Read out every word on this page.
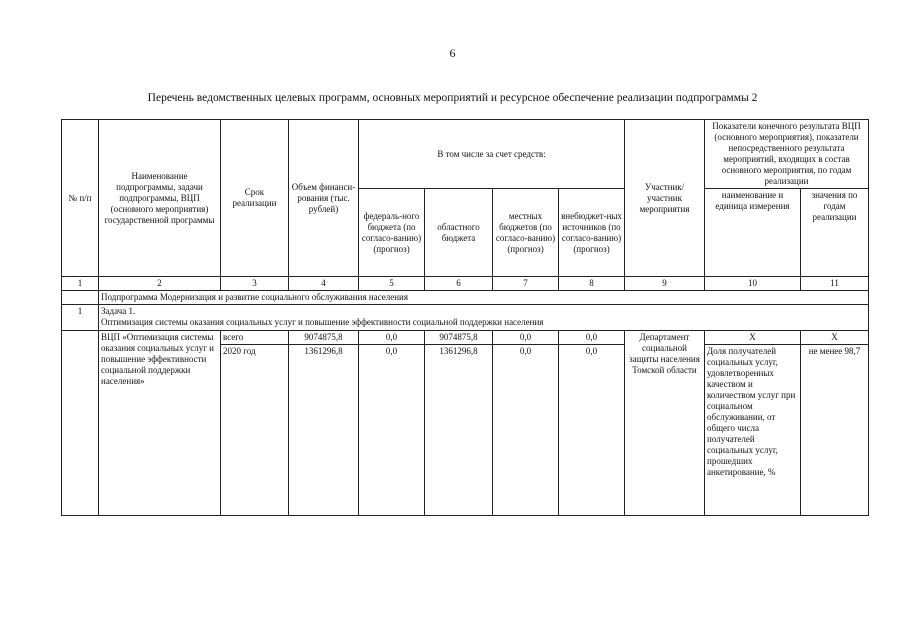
6
Перечень ведомственных целевых программ, основных мероприятий и ресурсное обеспечение реализации подпрограммы 2
№ п/п	Наименование подпрограммы, задачи подпрограммы, ВЦП (основного мероприятия) государственной программы	Срок реализации	Объем финанси-рования (тыс. рублей)	В том числе за счет средств:				Участник/ участник мероприятия	Показатели конечного результата ВЦП (основного мероприятия), показатели непосредственного результата мероприятий, входящих в состав основного мероприятия, по годам реализации	
				федераль-ного бюджета (по согласо-ванию) (прогноз)	областного бюджета	местных бюджетов (по согласо-ванию) (прогноз)	внебюджет-ных источников (по согласо-ванию) (прогноз)		наименование и единица измерения	значения по годам реализации
1	2	3	4	5	6	7	8	9	10	11
	Подпрограмма Модернизация и развитие социального обслуживания населения									
1	Задача 1.
Оптимизация системы оказания социальных услуг и повышение эффективности социальной поддержки населения									

	ВЦП «Оптимизация системы оказания социальных услуг и повышение эффективности социальной поддержки населения»	всего	9074875,8	0,0	9074875,8	0,0	0,0	Департамент социальной защиты населения Томской области	Х	Х
		2020 год	1361296,8	0,0	1361296,8	0,0	0,0		Доля получателей социальных услуг, удовлетворенных качеством и количеством услуг при социальном обслуживании, от общего числа получателей социальных услуг, прошедших анкетирование, %	не менее 98,7
